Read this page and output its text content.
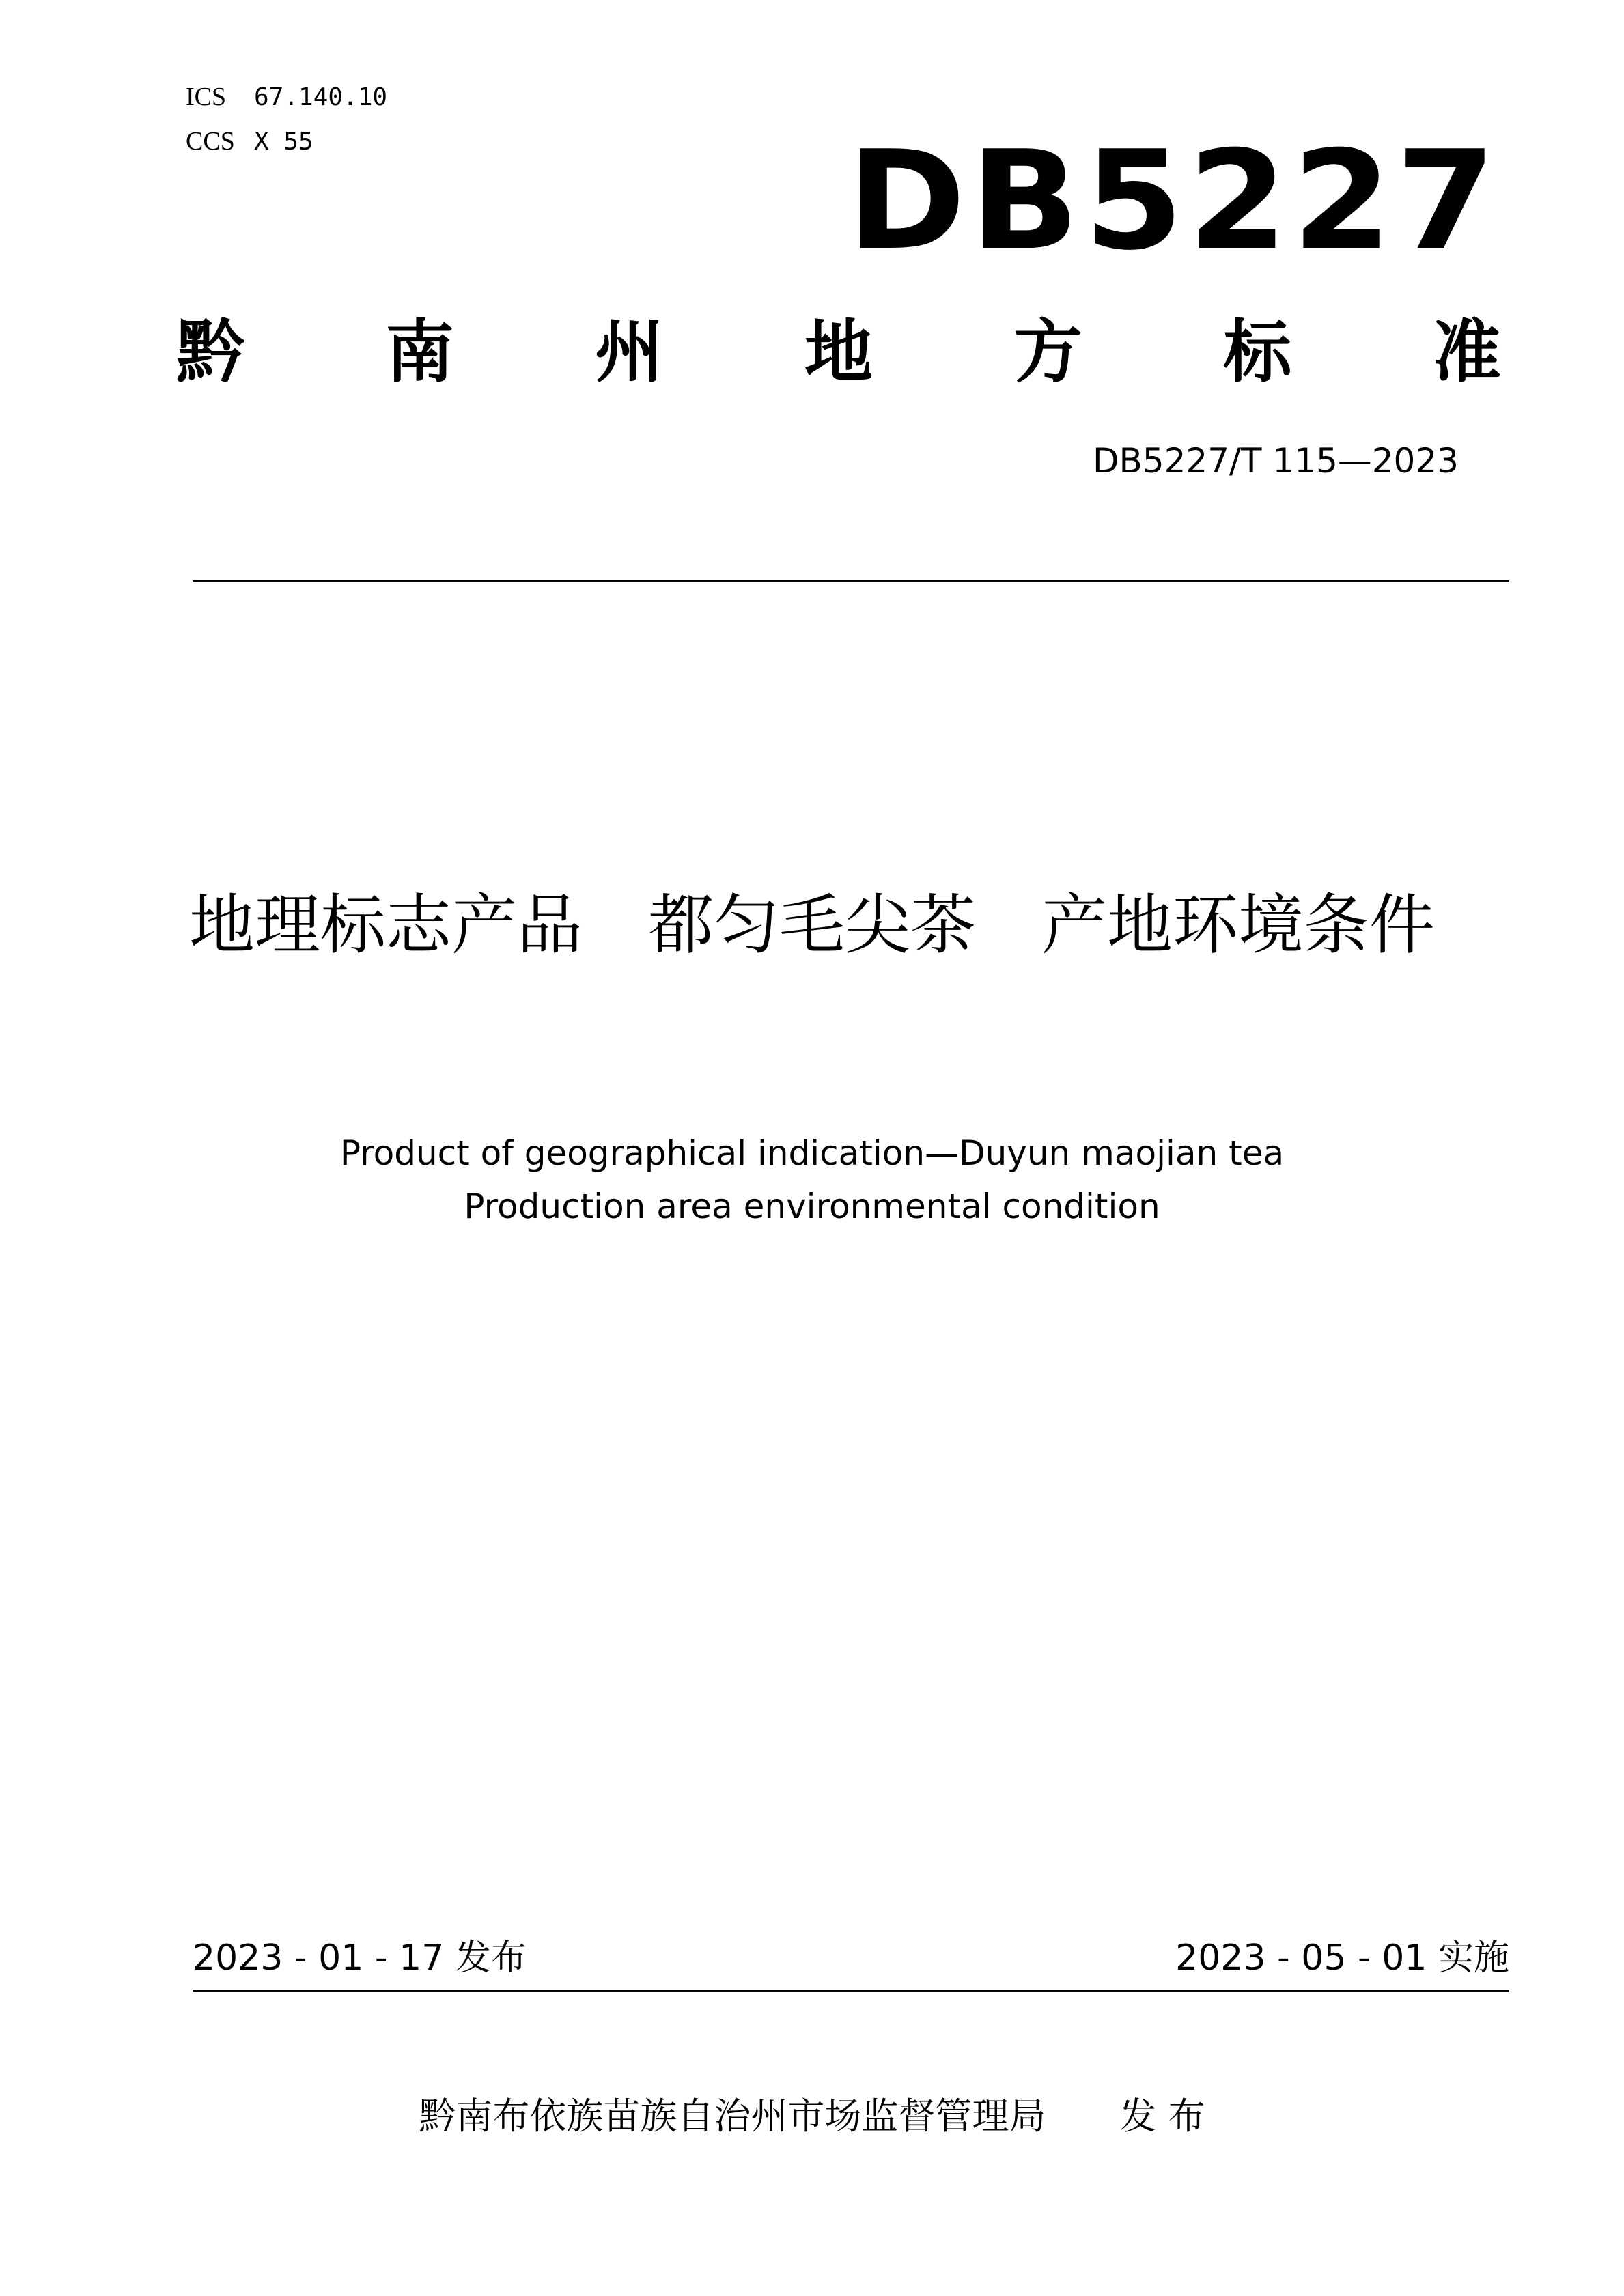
ICS 67.140.10
CCS X 55	DB5227
黔 南 州 地 方 标 准
DB5227/T 115—2023
地理标志产品　都匀毛尖茶　产地环境条件
Product of geographical indication—Duyun maojian tea
Production area environmental condition
2023 - 01 - 17 发布	2023 - 05 - 01 实施
黔南布依族苗族自治州市场监督管理局　　发 布
